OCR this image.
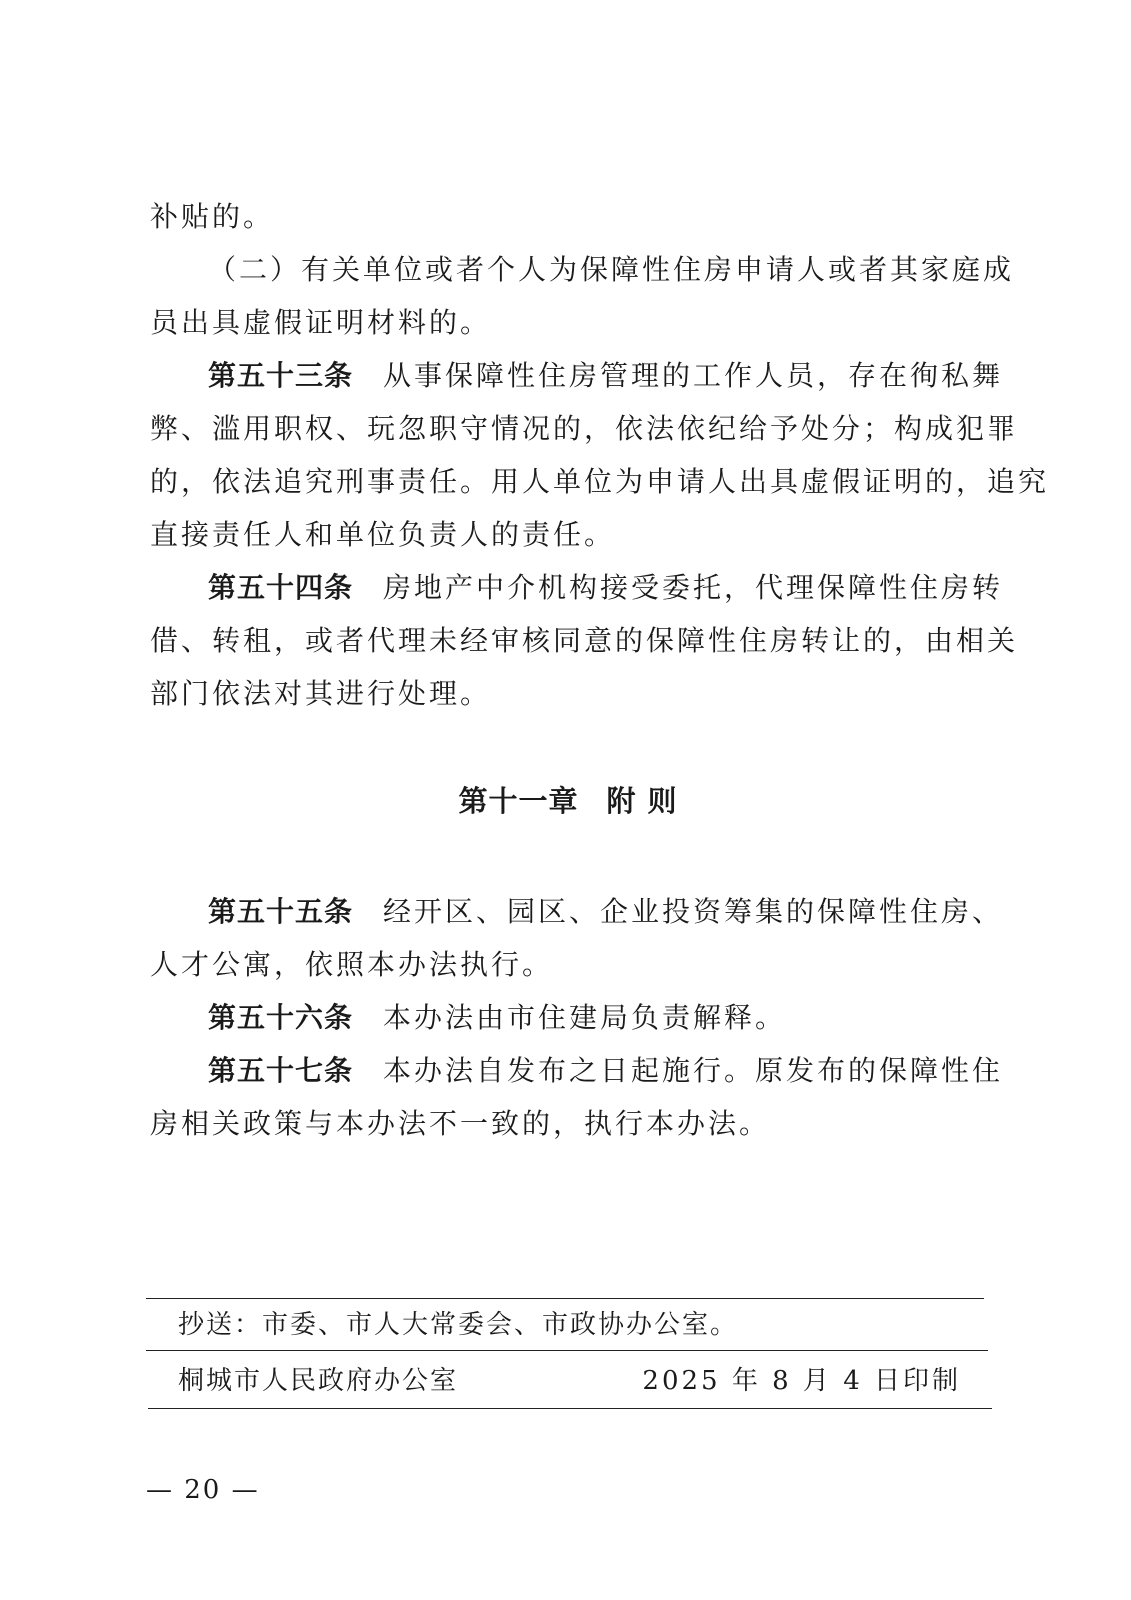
补贴的。
（二）有关单位或者个人为保障性住房申请人或者其家庭成
员出具虚假证明材料的。
第五十三条 从事保障性住房管理的工作人员，存在徇私舞
弊、滥用职权、玩忽职守情况的，依法依纪给予处分；构成犯罪
的，依法追究刑事责任。用人单位为申请人出具虚假证明的，追究
直接责任人和单位负责人的责任。
第五十四条 房地产中介机构接受委托，代理保障性住房转
借、转租，或者代理未经审核同意的保障性住房转让的，由相关
部门依法对其进行处理。
第十一章 附 则
第五十五条 经开区、园区、企业投资筹集的保障性住房、
人才公寓，依照本办法执行。
第五十六条 本办法由市住建局负责解释。
第五十七条 本办法自发布之日起施行。原发布的保障性住
房相关政策与本办法不一致的，执行本办法。
抄送：市委、市人大常委会、市政协办公室。
桐城市人民政府办公室	2025 年 8 月 4 日印制
— 20 —
